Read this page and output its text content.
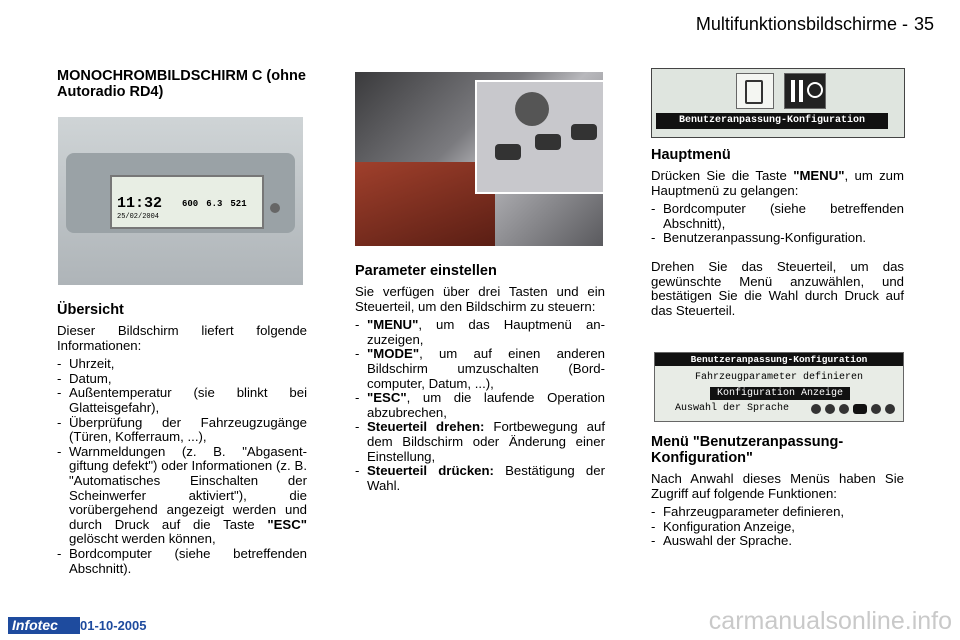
Multifunktionsbildschirme - 35
MONOCHROMBILDSCHIRM C (ohne Autoradio RD4)
11:32
25/02/2004
600 6.3 521
Übersicht

Dieser Bildschirm liefert folgende Informationen:

- Uhrzeit,
- Datum,
- Außentemperatur (sie blinkt bei Glatteisgefahr),
- Überprüfung der Fahrzeugzugänge (Türen, Kofferraum, ...),
- Warnmeldungen (z. B. "Abgasent-giftung defekt") oder Informationen (z. B. "Automatisches Einschalten der Scheinwerfer aktiviert"), die vorübergehend angezeigt werden und durch Druck auf die Taste "ESC" gelöscht werden können,
- Bordcomputer (siehe betreffenden Abschnitt).
Parameter einstellen

Sie verfügen über drei Tasten und ein Steuerteil, um den Bildschirm zu steuern:

- "MENU", um das Hauptmenü an-zuzeigen,
- "MODE", um auf einen anderen Bildschirm umzuschalten (Bord-computer, Datum, ...),
- "ESC", um die laufende Operation abzubrechen,
- Steuerteil drehen: Fortbewegung auf dem Bildschirm oder Änderung einer Einstellung,
- Steuerteil drücken: Bestätigung der Wahl.
Benutzeranpassung-Konfiguration
Hauptmenü

Drücken Sie die Taste "MENU", um zum Hauptmenü zu gelangen:

- Bordcomputer (siehe betreffenden Abschnitt),
- Benutzeranpassung-Konfiguration.

Drehen Sie das Steuerteil, um das gewünschte Menü anzuwählen, und bestätigen Sie die Wahl durch Druck auf das Steuerteil.

Benutzeranpassung-Konfiguration
Fahrzeugparameter definieren
Konfiguration Anzeige
Auswahl der Sprache
Menü "Benutzeranpassung-Konfiguration"

Nach Anwahl dieses Menüs haben Sie Zugriff auf folgende Funktionen:

- Fahrzeugparameter definieren,
- Konfiguration Anzeige,
- Auswahl der Sprache.
Infotec	01-10-2005	carmanualsonline.info
